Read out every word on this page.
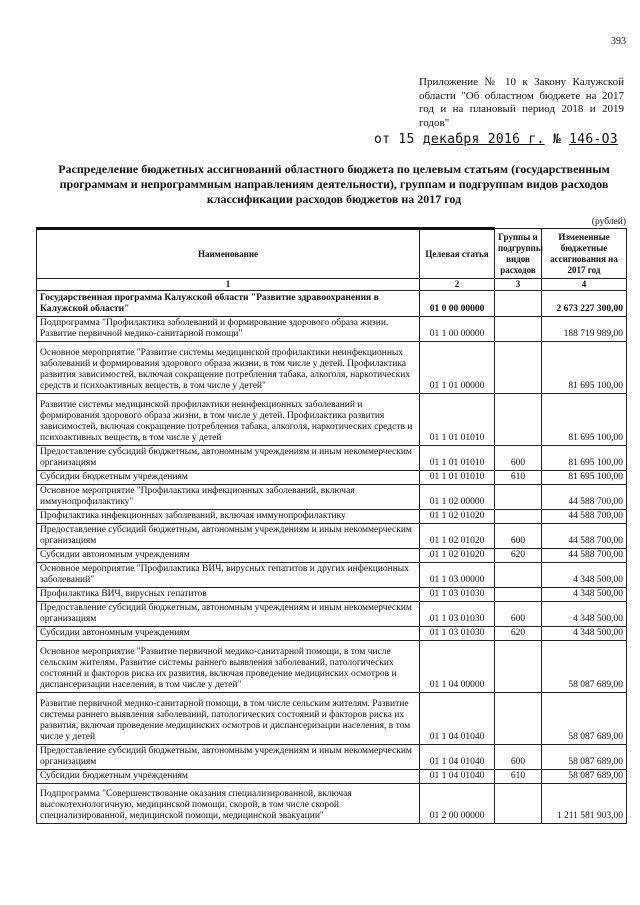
393
Приложение № 10 к Закону Калужской области "Об областном бюджете на 2017 год и на плановый период 2018 и 2019 годов"
от 15 декабря 2016 г. № 146-ОЗ
Распределение бюджетных ассигнований областного бюджета по целевым статьям (государственным программам и непрограммным направлениям деятельности), группам и подгруппам видов расходов классификации расходов бюджетов на 2017 год
(рублей)
Наименование	Целевая статья	Группы и подгруппы видов расходов	Измененные бюджетные ассигнования на 2017 год
1	2	3	4
Государственная программа Калужской области "Развитие здравоохранения в Калужской области"	01 0 00 00000		2 673 227 300,00
Подпрограмма "Профилактика заболеваний и формирование здорового образа жизни. Развитие первичной медико-санитарной помощи"	01 1 00 00000		188 719 989,00
Основное мероприятие "Развитие системы медицинской профилактики неинфекционных заболеваний и формирования здорового образа жизни, в том числе у детей. Профилактика развития зависимостей, включая сокращение потребления табака, алкоголя, наркотических средств и психоактивных веществ, в том числе у детей"	01 1 01 00000		81 695 100,00
Развитие системы медицинской профилактики неинфекционных заболеваний и формирования здорового образа жизни, в том числе у детей. Профилактика развития зависимостей, включая сокращение потребления табака, алкоголя, наркотических средств и психоактивных веществ, в том числе у детей	01 1 01 01010		81 695 100,00
Предоставление субсидий бюджетным, автономным учреждениям и иным некоммерческим организациям	01 1 01 01010	600	81 695 100,00
Субсидии бюджетным учреждениям	01 1 01 01010	610	81 695 100,00
Основное мероприятие "Профилактика инфекционных заболеваний, включая иммунопрофилактику"	01 1 02 00000		44 588 700,00
Профилактика инфекционных заболеваний, включая иммунопрофилактику	01 1 02 01020		44 588 700,00
Предоставление субсидий бюджетным, автономным учреждениям и иным некоммерческим организациям	01 1 02 01020	600	44 588 700,00
Субсидии автономным учреждениям	01 1 02 01020	620	44 588 700,00
Основное мероприятие "Профилактика ВИЧ, вирусных гепатитов и других инфекционных заболеваний"	01 1 03 00000		4 348 500,00
Профилактика ВИЧ, вирусных гепатитов	01 1 03 01030		4 348 500,00
Предоставление субсидий бюджетным, автономным учреждениям и иным некоммерческим организациям	01 1 03 01030	600	4 348 500,00
Субсидии автономным учреждениям	01 1 03 01030	620	4 348 500,00
Основное мероприятие "Развитие первичной медико-санитарной помощи, в том числе сельским жителям. Развитие системы раннего выявления заболеваний, патологических состояний и факторов риска их развития, включая проведение медицинских осмотров и диспансеризации населения, в том числе у детей"	01 1 04 00000		58 087 689,00
Развитие первичной медико-санитарной помощи, в том числе сельским жителям. Развитие системы раннего выявления заболеваний, патологических состояний и факторов риска их развития, включая проведение медицинских осмотров и диспансеризации населения, в том числе у детей	01 1 04 01040		58 087 689,00
Предоставление субсидий бюджетным, автономным учреждениям и иным некоммерческим организациям	01 1 04 01040	600	58 087 689,00
Субсидии бюджетным учреждениям	01 1 04 01040	610	58 087 689,00
Подпрограмма "Совершенствование оказания специализированной, включая высокотехнологичную, медицинской помощи, скорой, в том числе скорой специализированной, медицинской помощи, медицинской эвакуации"	01 2 00 00000		1 211 581 903,00
